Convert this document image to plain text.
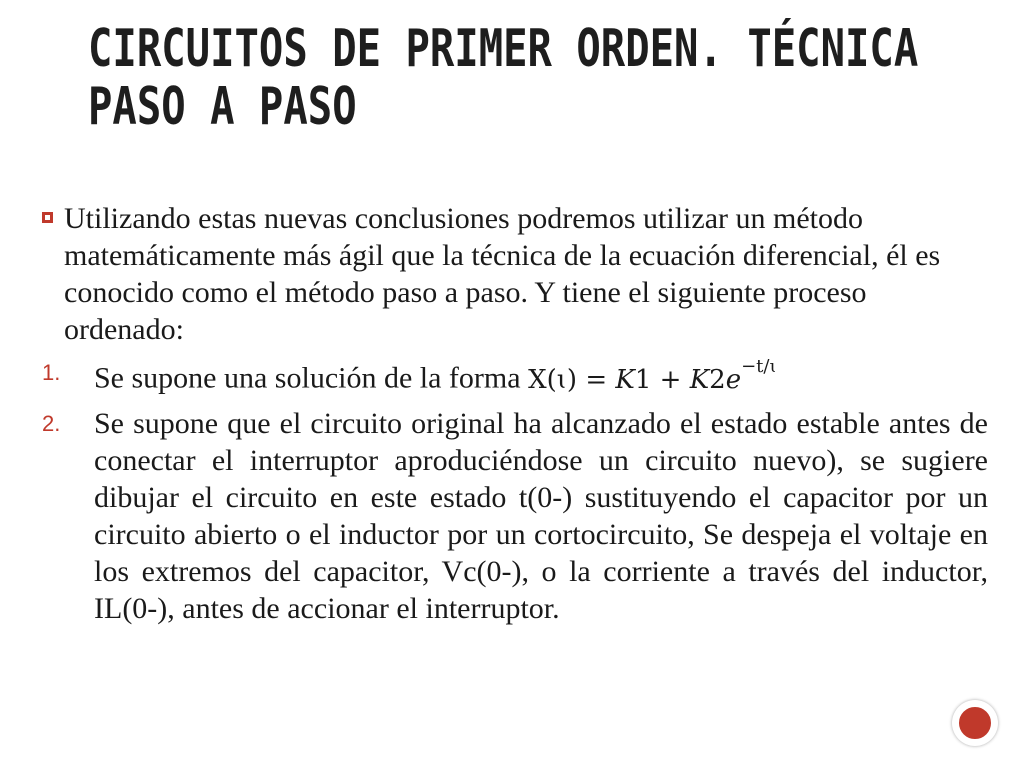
CIRCUITOS DE PRIMER ORDEN. TÉCNICA
PASO A PASO

Utilizando estas nuevas conclusiones podremos utilizar un método matemáticamente más ágil que la técnica de la ecuación diferencial, él es conocido como el método paso a paso. Y tiene el siguiente proceso ordenado:

1. Se supone una solución de la forma X(ɩ) = $K1 + K2e^{-t/ɩ}$

2. Se supone que el circuito original ha alcanzado el estado estable antes de conectar el interruptor aproduciéndose un circuito nuevo), se sugiere dibujar el circuito en este estado t(0-) sustituyendo el capacitor por un circuito abierto o el inductor por un cortocircuito, Se despeja el voltaje en los extremos del capacitor, Vc(0-), o la corriente a través del inductor, IL(0-), antes de accionar el interruptor.
